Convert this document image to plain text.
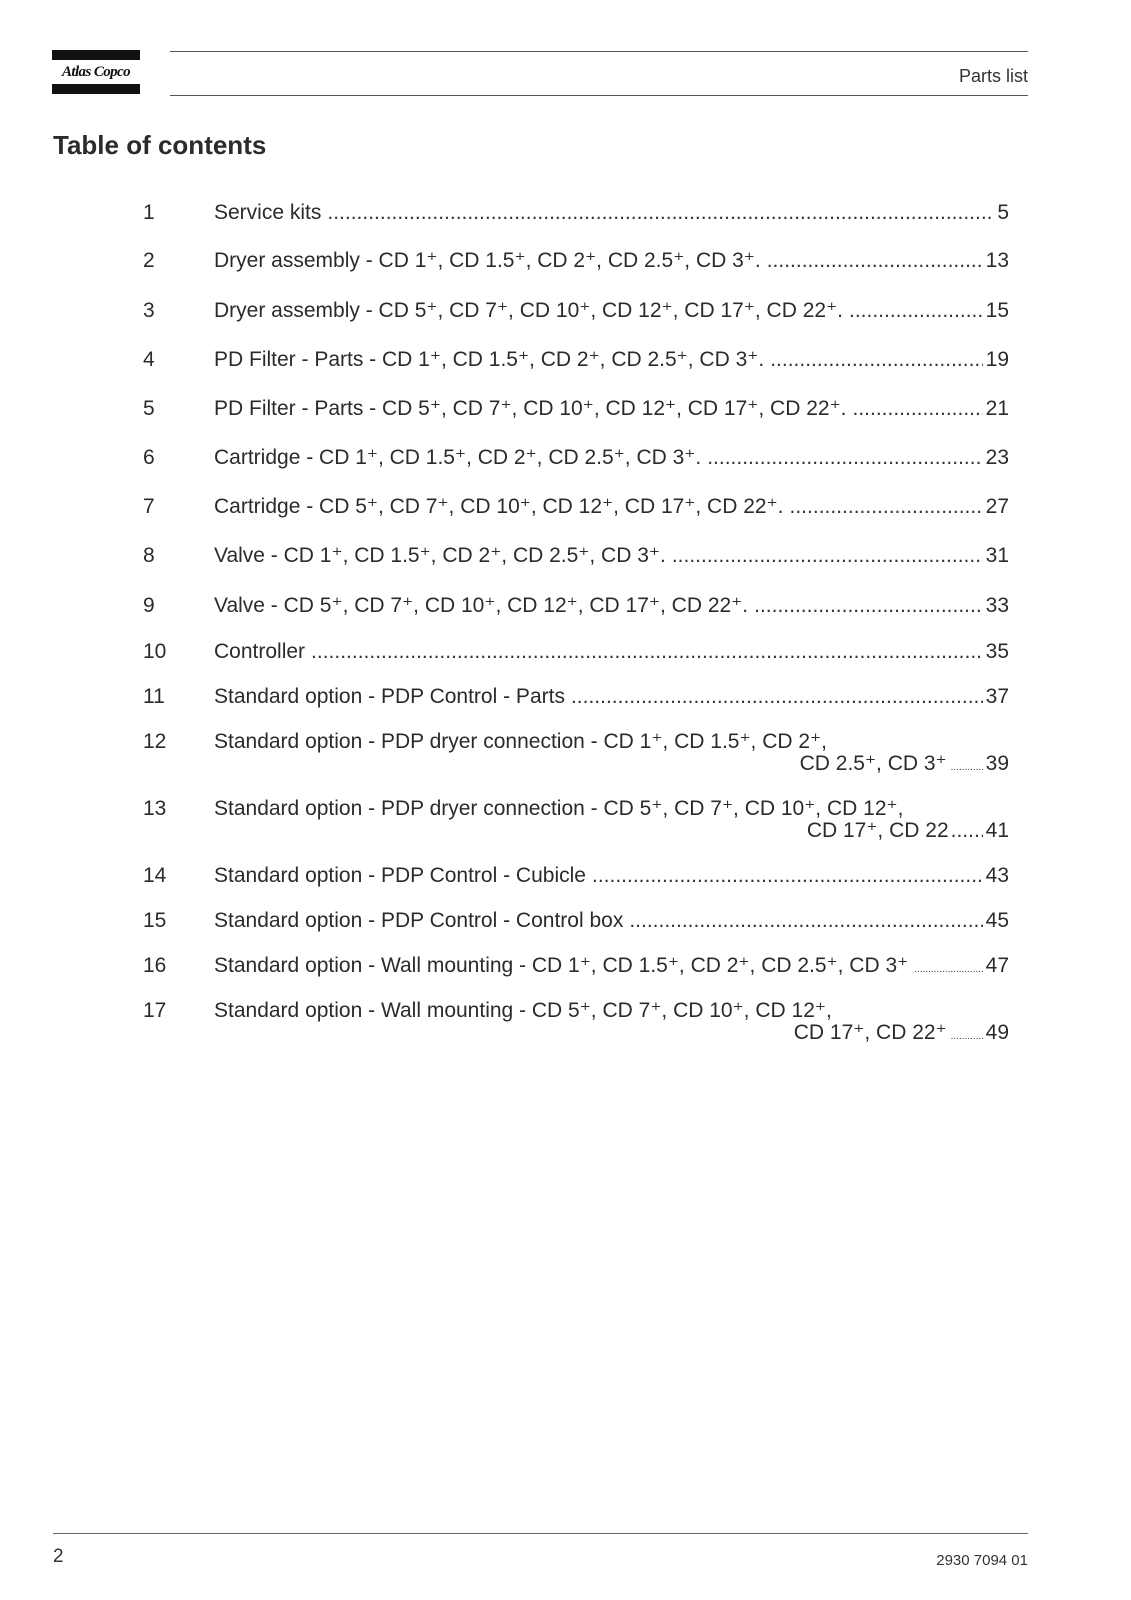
Atlas Copco	Parts list
Table of contents
1	Service kits .....	5
2	Dryer assembly - CD 1⁺, CD 1.5⁺, CD 2⁺, CD 2.5⁺, CD 3⁺. .....	13
3	Dryer assembly - CD 5⁺, CD 7⁺, CD 10⁺, CD 12⁺, CD 17⁺, CD 22⁺. .....	15
4	PD Filter - Parts - CD 1⁺, CD 1.5⁺, CD 2⁺, CD 2.5⁺, CD 3⁺. .....	19
5	PD Filter - Parts - CD 5⁺, CD 7⁺, CD 10⁺, CD 12⁺, CD 17⁺, CD 22⁺. .....	21
6	Cartridge - CD 1⁺, CD 1.5⁺, CD 2⁺, CD 2.5⁺, CD 3⁺. .....	23
7	Cartridge - CD 5⁺, CD 7⁺, CD 10⁺, CD 12⁺, CD 17⁺, CD 22⁺. .....	27
8	Valve - CD 1⁺, CD 1.5⁺, CD 2⁺, CD 2.5⁺, CD 3⁺. .....	31
9	Valve - CD 5⁺, CD 7⁺, CD 10⁺, CD 12⁺, CD 17⁺, CD 22⁺. .....	33
10 Controller .....	35
11 Standard option - PDP Control - Parts .....	37
12 Standard option - PDP dryer connection - CD 1⁺, CD 1.5⁺, CD 2⁺,
CD 2.5⁺, CD 3⁺ ..... 39
13 Standard option - PDP dryer connection - CD 5⁺, CD 7⁺, CD 10⁺, CD 12⁺,
CD 17⁺, CD 22 ..... 41
14 Standard option - PDP Control - Cubicle .....	43
15 Standard option - PDP Control - Control box .....	45
16 Standard option - Wall mounting - CD 1⁺, CD 1.5⁺, CD 2⁺, CD 2.5⁺, CD 3⁺ .....	47
17 Standard option - Wall mounting - CD 5⁺, CD 7⁺, CD 10⁺, CD 12⁺,
CD 17⁺, CD 22⁺ ..... 49
2	2930 7094 01
